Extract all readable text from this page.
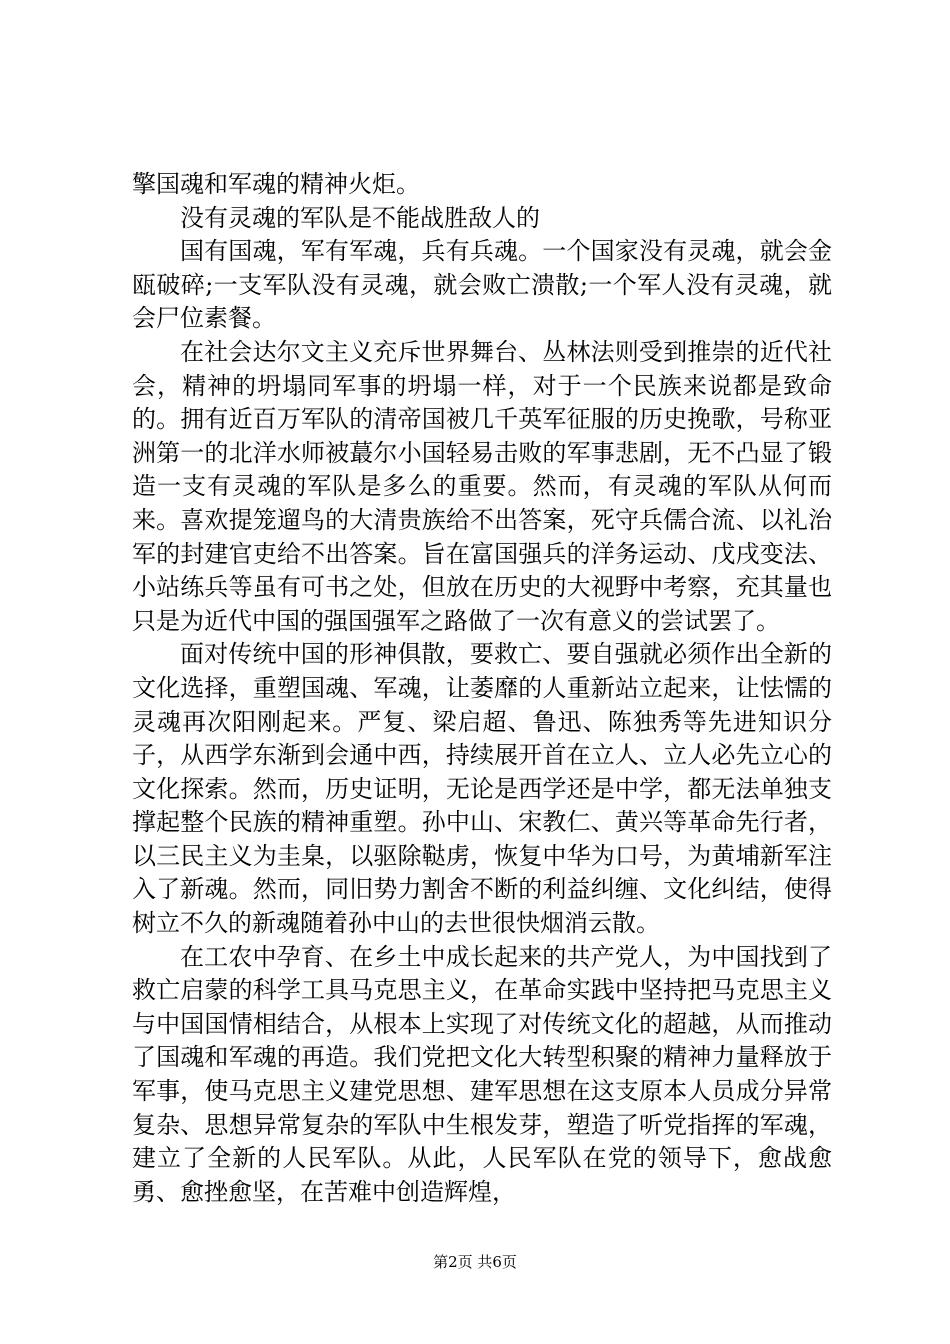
擎国魂和军魂的精神火炬。

没有灵魂的军队是不能战胜敌人的

国有国魂，军有军魂，兵有兵魂。一个国家没有灵魂，就会金瓯破碎;一支军队没有灵魂，就会败亡溃散;一个军人没有灵魂，就会尸位素餐。

在社会达尔文主义充斥世界舞台、丛林法则受到推崇的近代社会，精神的坍塌同军事的坍塌一样，对于一个民族来说都是致命的。拥有近百万军队的清帝国被几千英军征服的历史挽歌，号称亚洲第一的北洋水师被蕞尔小国轻易击败的军事悲剧，无不凸显了锻造一支有灵魂的军队是多么的重要。然而，有灵魂的军队从何而来。喜欢提笼遛鸟的大清贵族给不出答案，死守兵儒合流、以礼治军的封建官吏给不出答案。旨在富国强兵的洋务运动、戊戌变法、小站练兵等虽有可书之处，但放在历史的大视野中考察，充其量也只是为近代中国的强国强军之路做了一次有意义的尝试罢了。

面对传统中国的形神俱散，要救亡、要自强就必须作出全新的文化选择，重塑国魂、军魂，让萎靡的人重新站立起来，让怯懦的灵魂再次阳刚起来。严复、梁启超、鲁迅、陈独秀等先进知识分子，从西学东渐到会通中西，持续展开首在立人、立人必先立心的文化探索。然而，历史证明，无论是西学还是中学，都无法单独支撑起整个民族的精神重塑。孙中山、宋教仁、黄兴等革命先行者，以三民主义为圭臬，以驱除鞑虏，恢复中华为口号，为黄埔新军注入了新魂。然而，同旧势力割舍不断的利益纠缠、文化纠结，使得树立不久的新魂随着孙中山的去世很快烟消云散。

在工农中孕育、在乡土中成长起来的共产党人，为中国找到了救亡启蒙的科学工具马克思主义，在革命实践中坚持把马克思主义与中国国情相结合，从根本上实现了对传统文化的超越，从而推动了国魂和军魂的再造。我们党把文化大转型积聚的精神力量释放于军事，使马克思主义建党思想、建军思想在这支原本人员成分异常复杂、思想异常复杂的军队中生根发芽，塑造了听党指挥的军魂，建立了全新的人民军队。从此，人民军队在党的领导下，愈战愈勇、愈挫愈坚，在苦难中创造辉煌，

第2页 共6页
